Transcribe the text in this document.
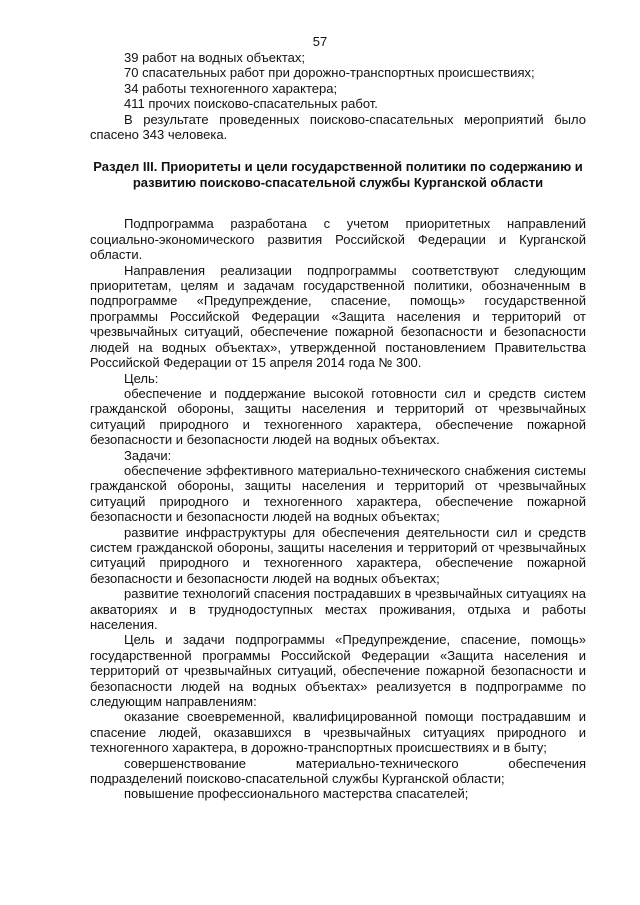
57

39 работ на водных объектах;

70 спасательных работ при дорожно-транспортных происшествиях;

34 работы техногенного характера;

411 прочих поисково-спасательных работ.

В результате проведенных поисково-спасательных мероприятий было спасено 343 человека.

Раздел III. Приоритеты и цели государственной политики по содержанию и развитию поисково-спасательной службы Курганской области

Подпрограмма разработана с учетом приоритетных направлений социально-экономического развития Российской Федерации и Курганской области.

Направления реализации подпрограммы соответствуют следующим приоритетам, целям и задачам государственной политики, обозначенным в подпрограмме «Предупреждение, спасение, помощь» государственной программы Российской Федерации «Защита населения и территорий от чрезвычайных ситуаций, обеспечение пожарной безопасности и безопасности людей на водных объектах», утвержденной постановлением Правительства Российской Федерации от 15 апреля 2014 года № 300.

Цель:

обеспечение и поддержание высокой готовности сил и средств систем гражданской обороны, защиты населения и территорий от чрезвычайных ситуаций природного и техногенного характера, обеспечение пожарной безопасности и безопасности людей на водных объектах.

Задачи:

обеспечение эффективного материально-технического снабжения системы гражданской обороны, защиты населения и территорий от чрезвычайных ситуаций природного и техногенного характера, обеспечение пожарной безопасности и безопасности людей на водных объектах;

развитие инфраструктуры для обеспечения деятельности сил и средств систем гражданской обороны, защиты населения и территорий от чрезвычайных ситуаций природного и техногенного характера, обеспечение пожарной безопасности и безопасности людей на водных объектах;

развитие технологий спасения пострадавших в чрезвычайных ситуациях на акваториях и в труднодоступных местах проживания, отдыха и работы населения.

Цель и задачи подпрограммы «Предупреждение, спасение, помощь» государственной программы Российской Федерации «Защита населения и территорий от чрезвычайных ситуаций, обеспечение пожарной безопасности и безопасности людей на водных объектах» реализуется в подпрограмме по следующим направлениям:

оказание своевременной, квалифицированной помощи пострадавшим и спасение людей, оказавшихся в чрезвычайных ситуациях природного и техногенного характера, в дорожно-транспортных происшествиях и в быту;

совершенствование материально-технического обеспечения подразделений поисково-спасательной службы Курганской области;

повышение профессионального мастерства спасателей;
